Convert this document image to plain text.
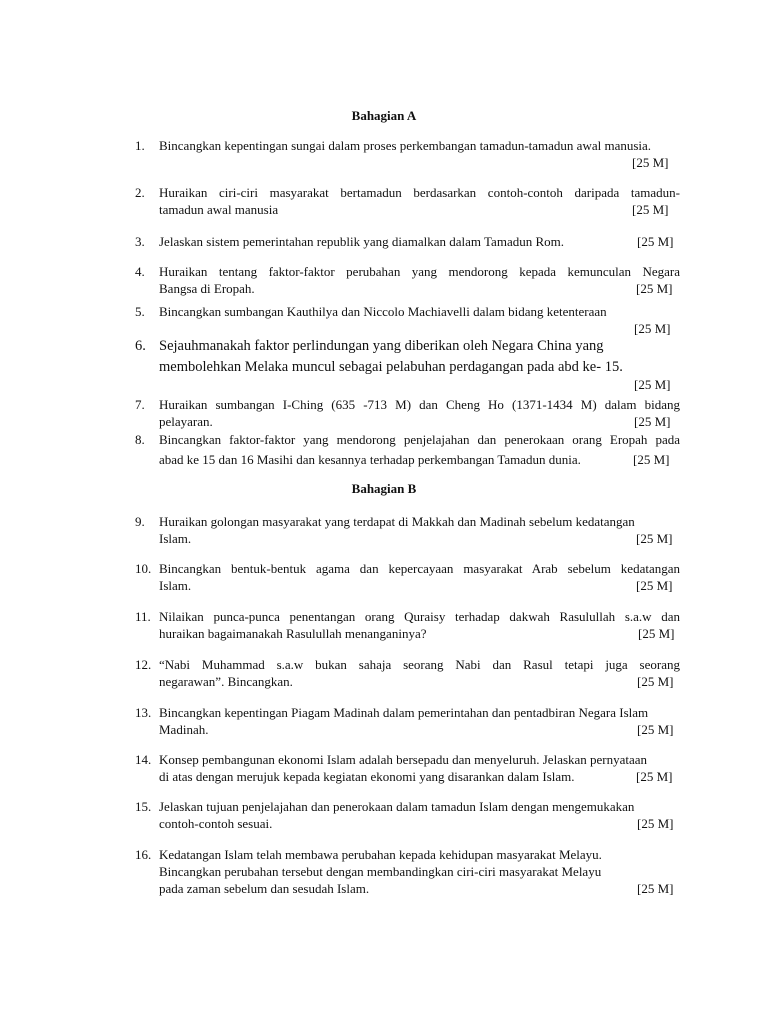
Bahagian A
1.	Bincangkan kepentingan sungai dalam proses perkembangan tamadun-tamadun awal manusia.
[25 M]
2.	Huraikan ciri-ciri masyarakat bertamadun berdasarkan contoh-contoh daripada tamadun-
tamadun awal manusia	[25 M]
3.	Jelaskan sistem pemerintahan republik yang diamalkan dalam Tamadun Rom.	[25 M]
4.	Huraikan tentang faktor-faktor perubahan yang mendorong kepada kemunculan Negara
Bangsa di Eropah.	[25 M]
5.	Bincangkan sumbangan Kauthilya dan Niccolo Machiavelli dalam bidang ketenteraan
[25 M]
6. Sejauhmanakah faktor perlindungan yang diberikan oleh Negara China yang
membolehkan Melaka muncul sebagai pelabuhan perdagangan pada abd ke- 15.
[25 M]
7.	Huraikan sumbangan I-Ching (635 -713 M) dan Cheng Ho (1371-1434 M) dalam bidang
pelayaran.	[25 M]
8.	Bincangkan faktor-faktor yang mendorong penjelajahan dan penerokaan orang Eropah pada
abad ke 15 dan 16 Masihi dan kesannya terhadap perkembangan Tamadun dunia.	[25 M]
Bahagian B
9.	Huraikan golongan masyarakat yang terdapat di Makkah dan Madinah sebelum kedatangan
Islam.	[25 M]
10. Bincangkan bentuk-bentuk agama dan kepercayaan masyarakat Arab sebelum kedatangan
Islam.	[25 M]
11. Nilaikan punca-punca penentangan orang Quraisy terhadap dakwah Rasulullah s.a.w dan
huraikan bagaimanakah Rasulullah menanganinya?	[25 M]
12. “Nabi Muhammad s.a.w bukan sahaja seorang Nabi dan Rasul tetapi juga seorang
negarawan”. Bincangkan.	[25 M]
13. Bincangkan kepentingan Piagam Madinah dalam pemerintahan dan pentadbiran Negara Islam
Madinah.	[25 M]
14. Konsep pembangunan ekonomi Islam adalah bersepadu dan menyeluruh. Jelaskan pernyataan
di atas dengan merujuk kepada kegiatan ekonomi yang disarankan dalam Islam.	[25 M]
15. Jelaskan tujuan penjelajahan dan penerokaan dalam tamadun Islam dengan mengemukakan
contoh-contoh sesuai.	[25 M]
16. Kedatangan Islam telah membawa perubahan kepada kehidupan masyarakat Melayu.
Bincangkan perubahan tersebut dengan membandingkan ciri-ciri masyarakat Melayu
pada zaman sebelum dan sesudah Islam.	[25 M]
